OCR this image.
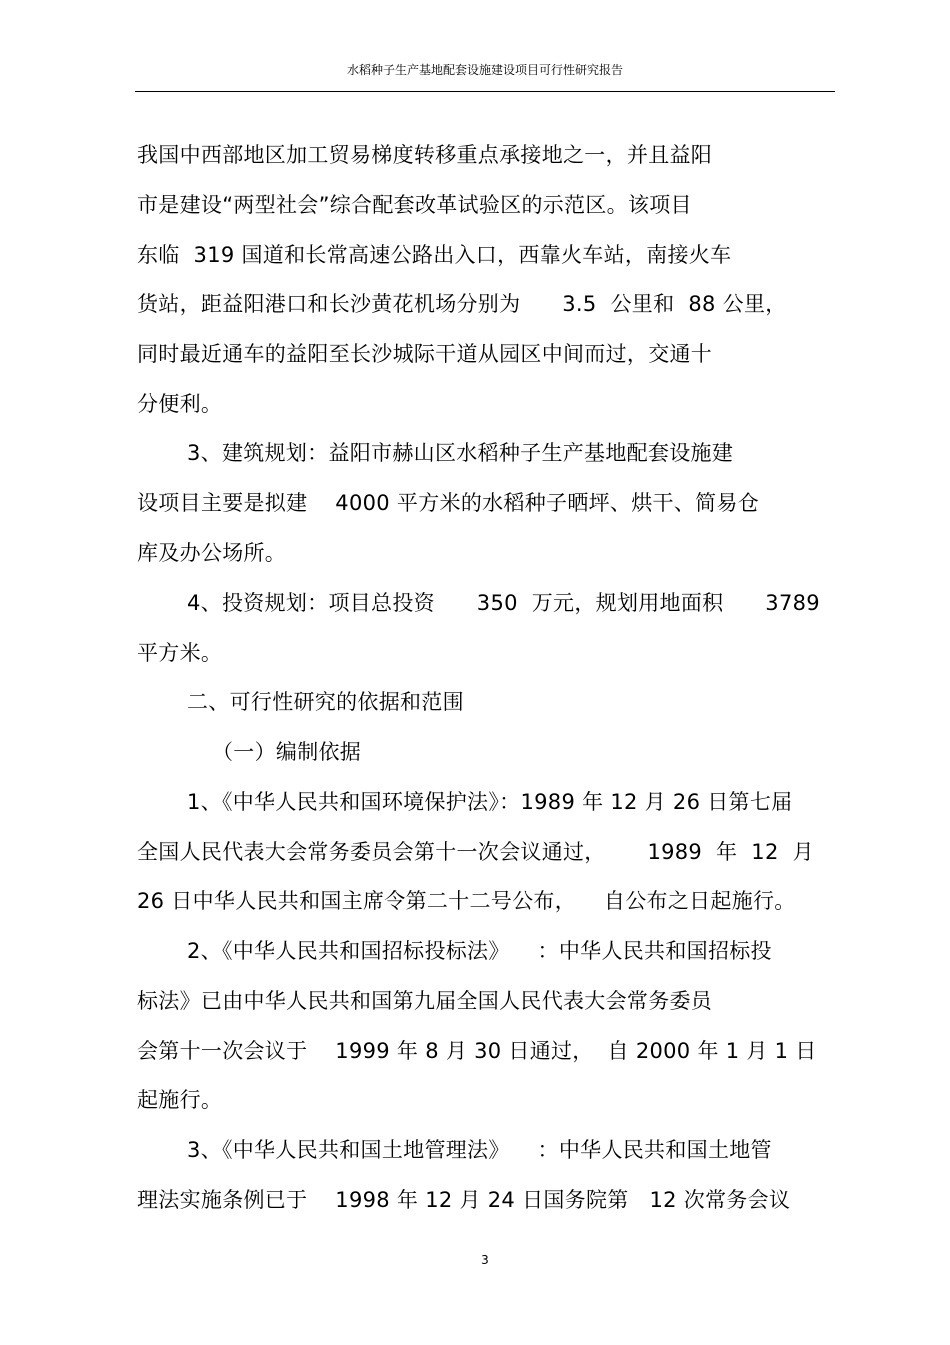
水稻种子生产基地配套设施建设项目可行性研究报告
我国中西部地区加工贸易梯度转移重点承接地之一，并且益阳
市是建设“两型社会”综合配套改革试验区的示范区。该项目
东临  319 国道和长常高速公路出入口，西靠火车站，南接火车
货站，距益阳港口和长沙黄花机场分别为      3.5  公里和  88 公里，
同时最近通车的益阳至长沙城际干道从园区中间而过，交通十
分便利。
3、建筑规划：益阳市赫山区水稻种子生产基地配套设施建
设项目主要是拟建    4000 平方米的水稻种子晒坪、烘干、简易仓
库及办公场所。
4、投资规划：项目总投资      350  万元，规划用地面积      3789
平方米。
二、可行性研究的依据和范围
（一）编制依据
1、《中华人民共和国环境保护法》：1989 年 12 月 26 日第七届
全国人民代表大会常务委员会第十一次会议通过，      1989  年  12  月
26 日中华人民共和国主席令第二十二号公布，    自公布之日起施行。
2、《中华人民共和国招标投标法》    ：中华人民共和国招标投
标法》已由中华人民共和国第九届全国人民代表大会常务委员
会第十一次会议于    1999 年 8 月 30 日通过，  自 2000 年 1 月 1 日
起施行。
3、《中华人民共和国土地管理法》    ：中华人民共和国土地管
理法实施条例已于    1998 年 12 月 24 日国务院第   12 次常务会议
3
